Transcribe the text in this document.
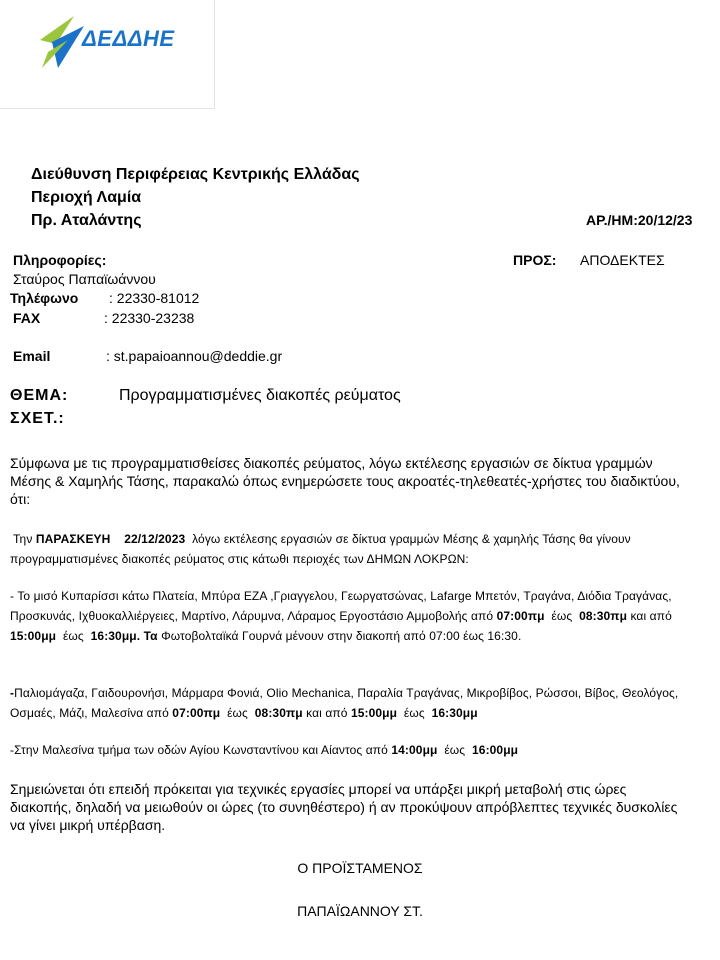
ΔΕΔΔΗΕ
Διεύθυνση Περιφέρειας Κεντρικής Ελλάδας
Περιοχή Λαμία
Πρ. Αταλάντης	ΑΡ./ΗΜ:20/12/23
Πληροφορίες:
Σταύρος Παπαϊωάννου
Τηλέφωνο : 22330-81012
FAX	: 22330-23238
Email	: st.papaioannou@deddie.gr
ΠΡΟΣ: ΑΠΟΔΕΚΤΕΣ
ΘΕΜΑ:	Προγραμματισμένες διακοπές ρεύματος
ΣΧΕΤ.:
Σύμφωνα με τις προγραμματισθείσες διακοπές ρεύματος, λόγω εκτέλεσης εργασιών σε δίκτυα γραμμών Μέσης & Χαμηλής Τάσης, παρακαλώ όπως ενημερώσετε τους ακροατές-τηλεθεατές-χρήστες του διαδικτύου, ότι:
Την ΠΑΡΑΣΚΕΥΗ 22/12/2023 λόγω εκτέλεσης εργασιών σε δίκτυα γραμμών Μέσης & χαμηλής Τάσης θα γίνουν προγραμματισμένες διακοπές ρεύματος στις κάτωθι περιοχές των ΔΗΜΩΝ ΛΟΚΡΩΝ:
- Το μισό Κυπαρίσσι κάτω Πλατεία, Μπύρα ΕΖΑ ,Γριαγγελου, Γεωργατσώνας, Lafarge Μπετόν, Τραγάνα, Διόδια Τραγάνας, Προσκυνάς, Ιχθυοκαλλιέργειες, Μαρτίνο, Λάρυμνα, Λάραμος Εργοστάσιο Αμμοβολής από 07:00πμ έως 08:30πμ και από 15:00μμ έως 16:30μμ. Τα Φωτοβολταϊκά Γουρνά μένουν στην διακοπή από 07:00 έως 16:30.
-Παλιομάγαζα, Γαιδουρονήσι, Μάρμαρα Φονιά, Olio Mechanica, Παραλία Τραγάνας, Μικροβίβος, Ρώσσοι, Βίβος, Θεολόγος, Οσμαές, Μάζι, Μαλεσίνα από 07:00πμ έως 08:30πμ και από 15:00μμ έως 16:30μμ
-Στην Μαλεσίνα τμήμα των οδών Αγίου Κωνσταντίνου και Αίαντος από 14:00μμ έως 16:00μμ
Σημειώνεται ότι επειδή πρόκειται για τεχνικές εργασίες μπορεί να υπάρξει μικρή μεταβολή στις ώρες διακοπής, δηλαδή να μειωθούν οι ώρες (το συνηθέστερο) ή αν προκύψουν απρόβλεπτες τεχνικές δυσκολίες να γίνει μικρή υπέρβαση.
Ο ΠΡΟΪΣΤΑΜΕΝΟΣ
ΠΑΠΑΪΩΑΝΝΟΥ ΣΤ.
